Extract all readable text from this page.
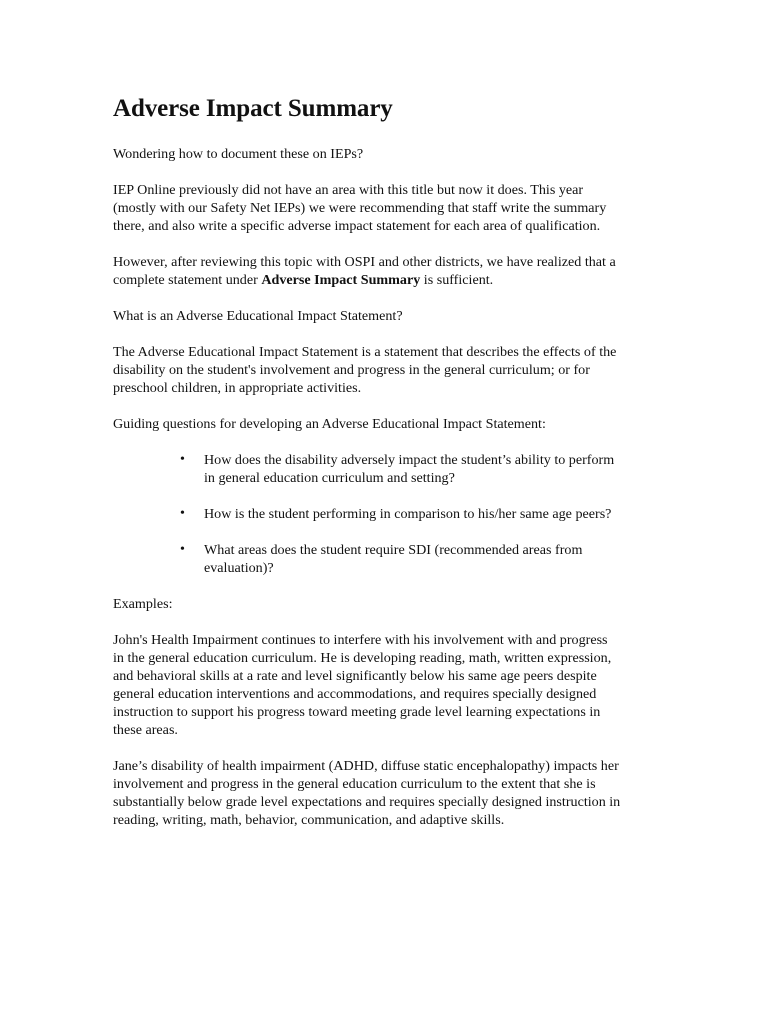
Adverse Impact Summary

Wondering how to document these on IEPs?

IEP Online previously did not have an area with this title but now it does. This year
(mostly with our Safety Net IEPs) we were recommending that staff write the summary
there, and also write a specific adverse impact statement for each area of qualification.

However, after reviewing this topic with OSPI and other districts, we have realized that a
complete statement under Adverse Impact Summary is sufficient.

What is an Adverse Educational Impact Statement?

The Adverse Educational Impact Statement is a statement that describes the effects of the
disability on the student's involvement and progress in the general curriculum; or for
preschool children, in appropriate activities.

Guiding questions for developing an Adverse Educational Impact Statement:

• How does the disability adversely impact the student’s ability to perform
in general education curriculum and setting?
• How is the student performing in comparison to his/her same age peers?
• What areas does the student require SDI (recommended areas from
evaluation)?

Examples:

John's Health Impairment continues to interfere with his involvement with and progress
in the general education curriculum. He is developing reading, math, written expression,
and behavioral skills at a rate and level significantly below his same age peers despite
general education interventions and accommodations, and requires specially designed
instruction to support his progress toward meeting grade level learning expectations in
these areas.

Jane’s disability of health impairment (ADHD, diffuse static encephalopathy) impacts her
involvement and progress in the general education curriculum to the extent that she is
substantially below grade level expectations and requires specially designed instruction in
reading, writing, math, behavior, communication, and adaptive skills.
